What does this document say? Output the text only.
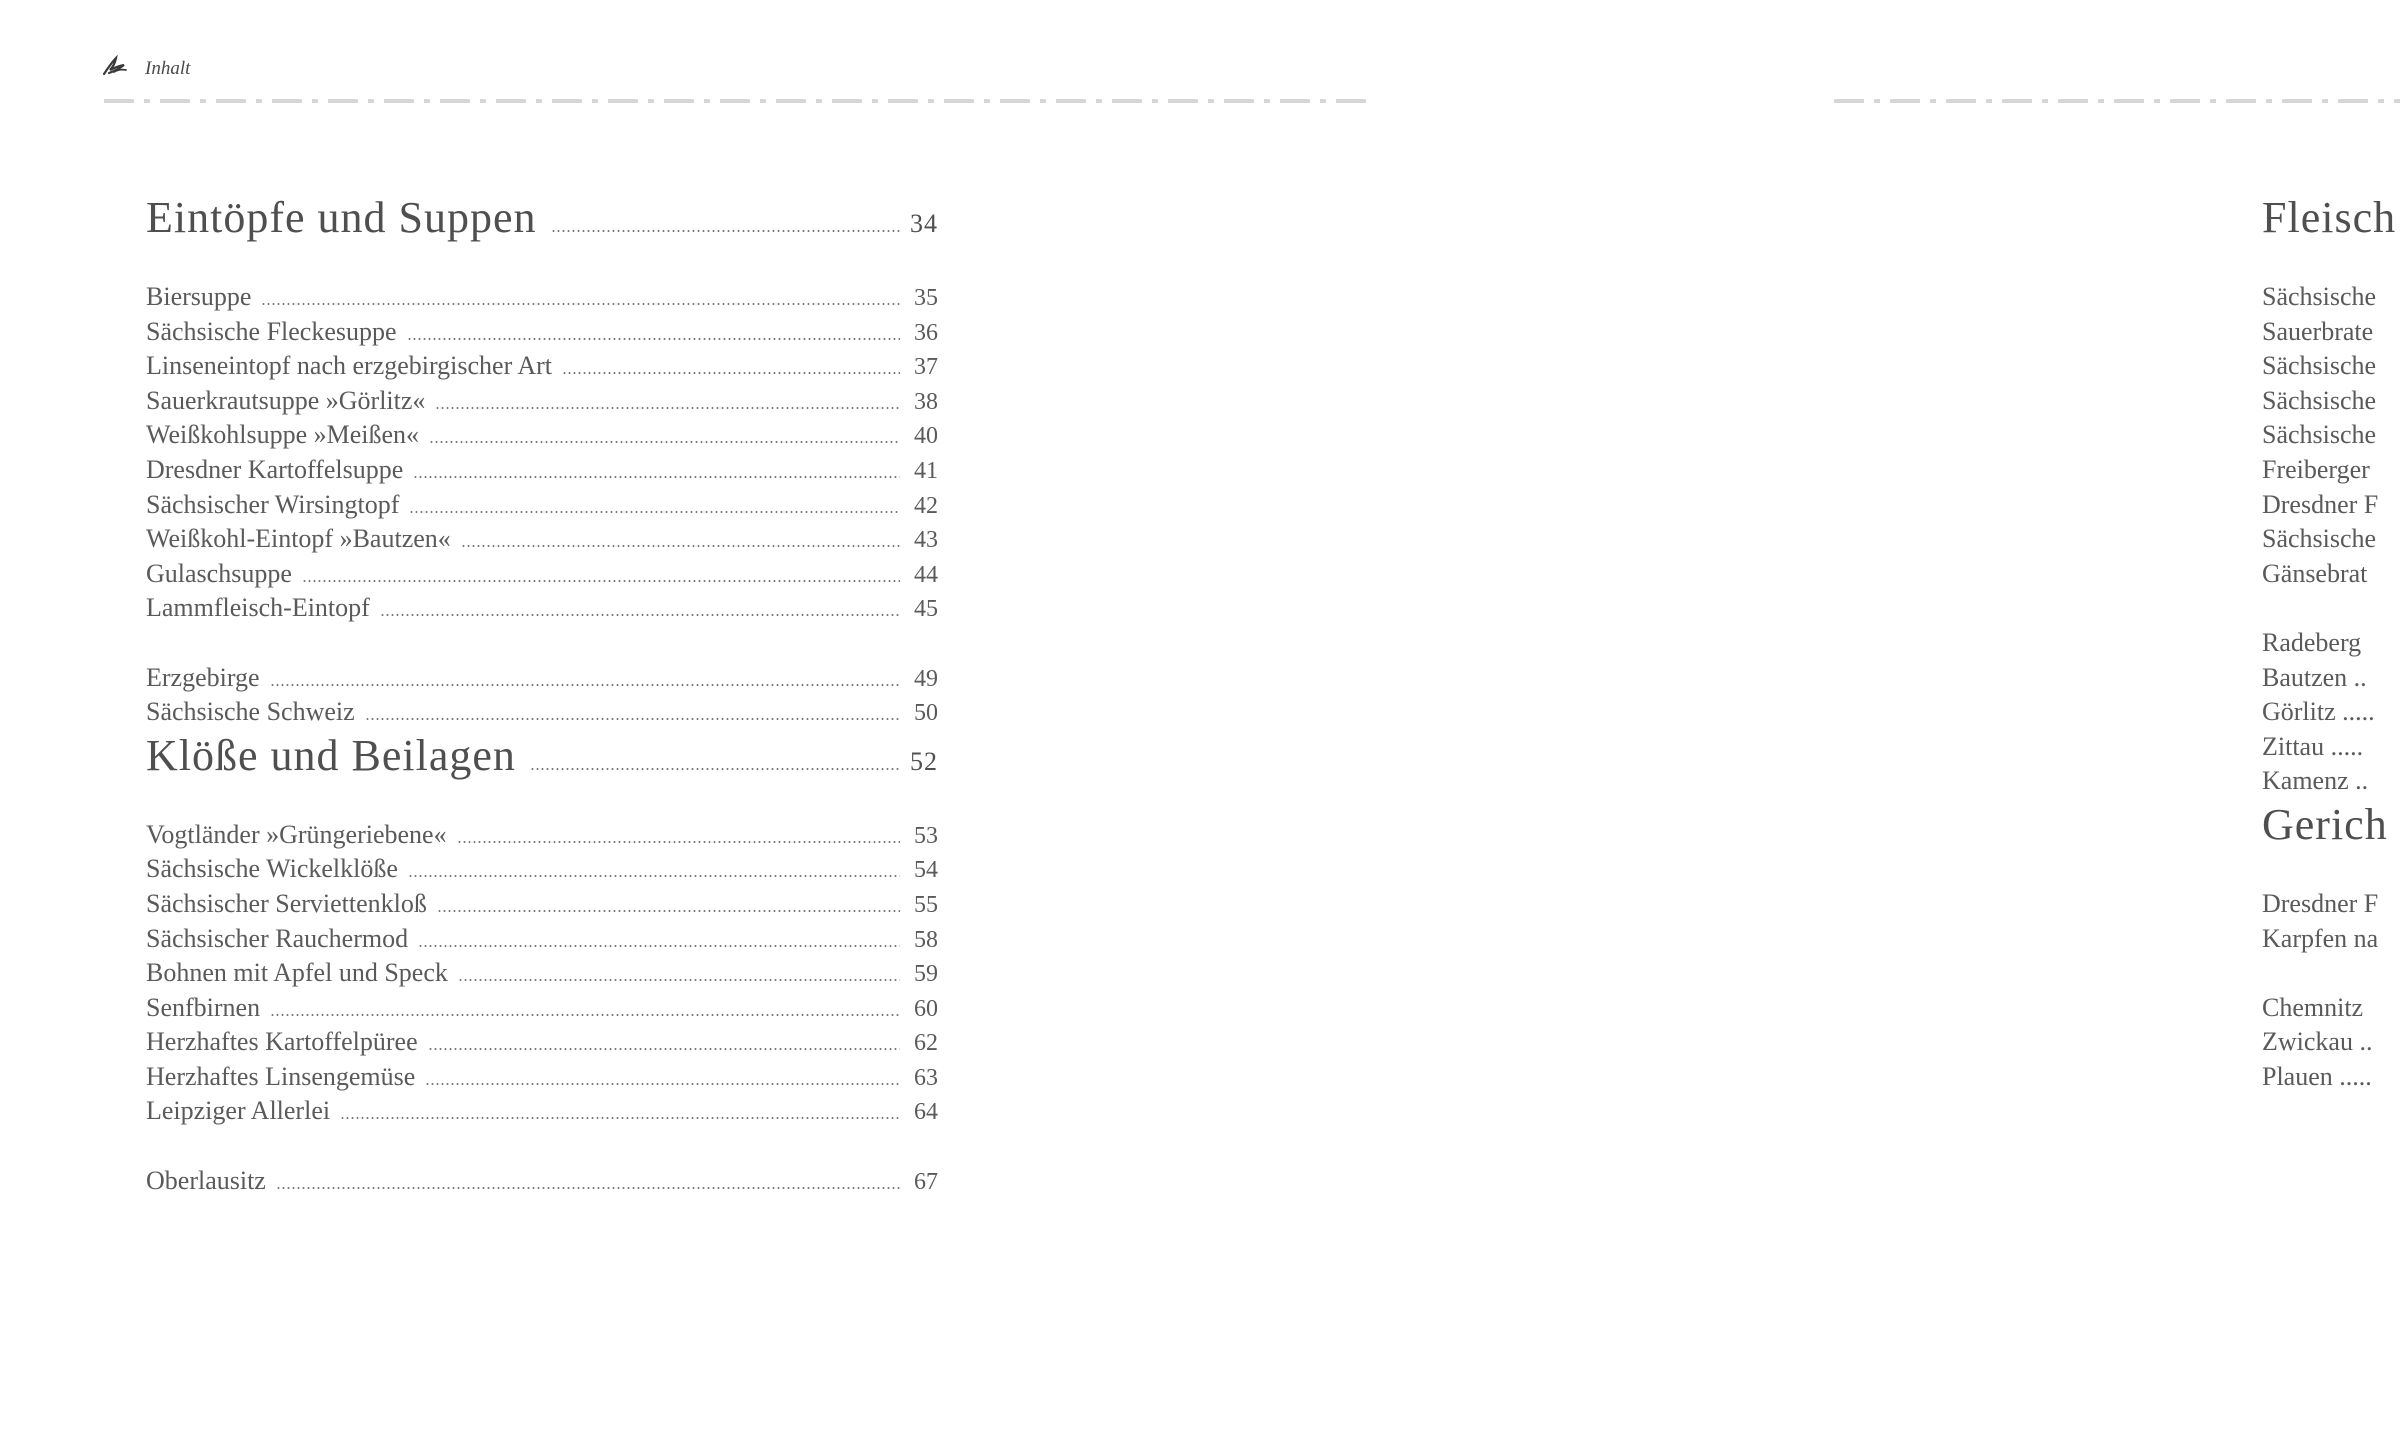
Inhalt
Eintöpfe und Suppen	34
Biersuppe	35
Sächsische Fleckesuppe	36
Linseneintopf nach erzgebirgischer Art	37
Sauerkrautsuppe »Görlitz«	38
Weißkohlsuppe »Meißen«	40
Dresdner Kartoffelsuppe	41
Sächsischer Wirsingtopf	42
Weißkohl-Eintopf »Bautzen«	43
Gulaschsuppe	44
Lammfleisch-Eintopf	45
Erzgebirge	49
Sächsische Schweiz	50
Klöße und Beilagen	52
Vogtländer »Grüngeriebene«	53
Sächsische Wickelklöße	54
Sächsischer Serviettenkloß	55
Sächsischer Rauchermod	58
Bohnen mit Apfel und Speck	59
Senfbirnen	60
Herzhaftes Kartoffelpüree	62
Herzhaftes Linsengemüse	63
Leipziger Allerlei	64
Oberlausitz	67
Fleisch
Sächsische
Sauerbrate
Sächsische
Sächsische
Sächsische
Freiberger
Dresdner F
Sächsische
Gänsebrat
Radeberg
Bautzen ..
Görlitz .....
Zittau .....
Kamenz ..
Gerich
Dresdner F
Karpfen na
Chemnitz
Zwickau ..
Plauen .....
